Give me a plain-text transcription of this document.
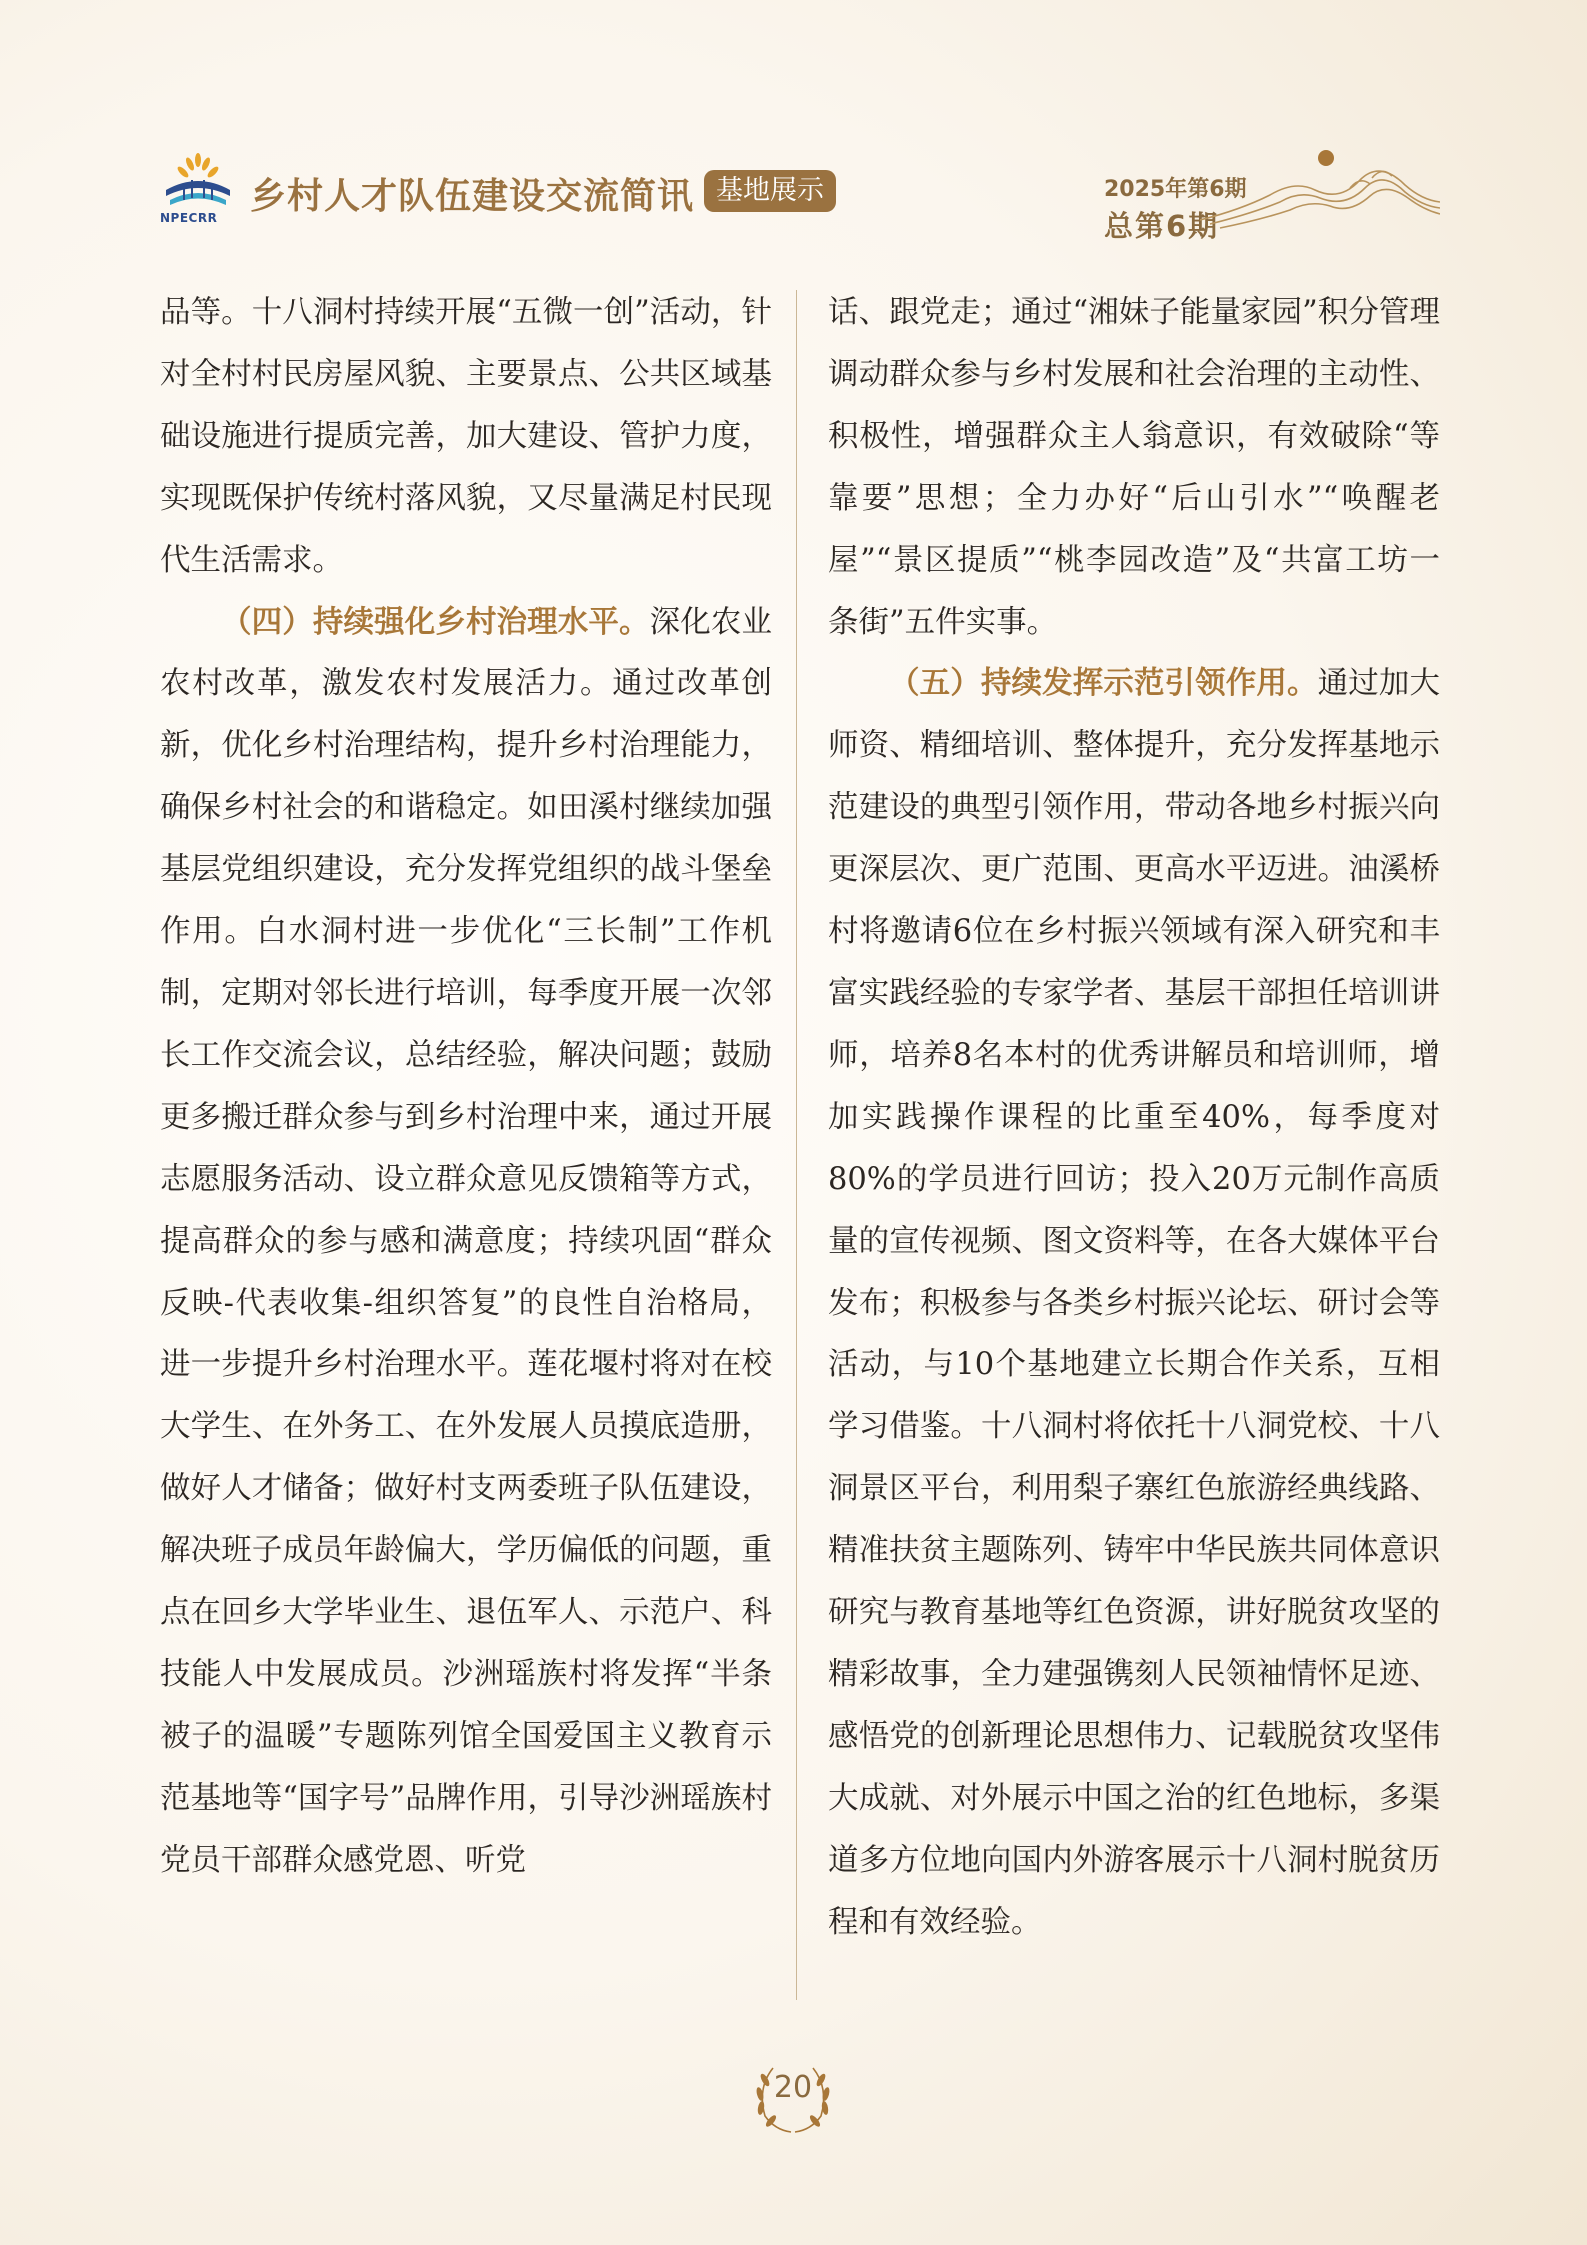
NPECRR
乡村人才队伍建设交流简讯 基地展示	2025年第6期
总第6期

品等。十八洞村持续开展“五微一创”活动，针对全村村民房屋风貌、主要景点、公共区域基础设施进行提质完善，加大建设、管护力度，实现既保护传统村落风貌，又尽量满足村民现代生活需求。

（四）持续强化乡村治理水平。深化农业农村改革，激发农村发展活力。通过改革创新，优化乡村治理结构，提升乡村治理能力，确保乡村社会的和谐稳定。如田溪村继续加强基层党组织建设，充分发挥党组织的战斗堡垒作用。白水洞村进一步优化“三长制”工作机制，定期对邻长进行培训，每季度开展一次邻长工作交流会议，总结经验，解决问题；鼓励更多搬迁群众参与到乡村治理中来，通过开展志愿服务活动、设立群众意见反馈箱等方式，提高群众的参与感和满意度；持续巩固“群众反映-代表收集-组织答复”的良性自治格局，进一步提升乡村治理水平。莲花堰村将对在校大学生、在外务工、在外发展人员摸底造册，做好人才储备；做好村支两委班子队伍建设，解决班子成员年龄偏大，学历偏低的问题，重点在回乡大学毕业生、退伍军人、示范户、科技能人中发展成员。沙洲瑶族村将发挥“半条被子的温暖”专题陈列馆全国爱国主义教育示范基地等“国字号”品牌作用，引导沙洲瑶族村党员干部群众感党恩、听党

话、跟党走；通过“湘妹子能量家园”积分管理调动群众参与乡村发展和社会治理的主动性、积极性，增强群众主人翁意识，有效破除“等靠要”思想；全力办好“后山引水”“唤醒老屋”“景区提质”“桃李园改造”及“共富工坊一条街”五件实事。

（五）持续发挥示范引领作用。通过加大师资、精细培训、整体提升，充分发挥基地示范建设的典型引领作用，带动各地乡村振兴向更深层次、更广范围、更高水平迈进。油溪桥村将邀请6位在乡村振兴领域有深入研究和丰富实践经验的专家学者、基层干部担任培训讲师，培养8名本村的优秀讲解员和培训师，增加实践操作课程的比重至40%，每季度对80%的学员进行回访；投入20万元制作高质量的宣传视频、图文资料等，在各大媒体平台发布；积极参与各类乡村振兴论坛、研讨会等活动，与10个基地建立长期合作关系，互相学习借鉴。十八洞村将依托十八洞党校、十八洞景区平台，利用梨子寨红色旅游经典线路、精准扶贫主题陈列、铸牢中华民族共同体意识研究与教育基地等红色资源，讲好脱贫攻坚的精彩故事，全力建强镌刻人民领袖情怀足迹、感悟党的创新理论思想伟力、记载脱贫攻坚伟大成就、对外展示中国之治的红色地标，多渠道多方位地向国内外游客展示十八洞村脱贫历程和有效经验。

20
